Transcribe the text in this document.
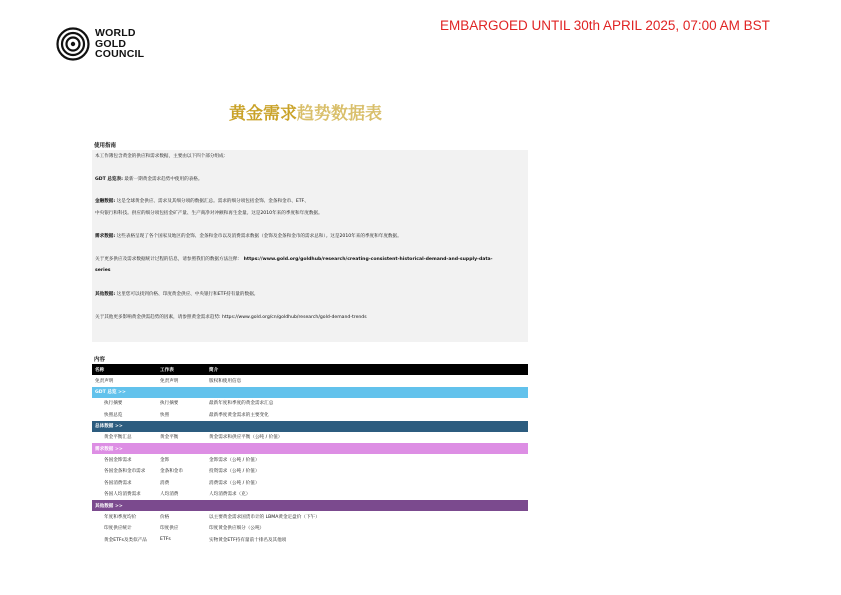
WORLD
GOLD
COUNCIL
EMBARGOED UNTIL 30th APRIL 2025, 07:00 AM BST
黄金需求趋势数据表
使用指南
本工作簿包含黄金的供应和需求数据，主要由以下四个部分组成：
GDT 总览表: 最新一期黄金需求趋势中使用的表格。
金融数据: 这是全球黄金供应、需求及其细分项的数据汇总。需求的细分项包括金饰、金条和金币、ETF、
中央银行和科技。供应的细分项包括金矿产量、生产商净对冲额和再生金量。这是2010年来的季度和年度数据。
需求数据: 这些表格呈现了各个国家及地区的金饰、金条和金币以及消费需求数据（金饰及金条和金币的需求总和）。这是2010年来的季度和年度数据。
关于更多供应及需求数据统计过程的信息，请参照我们的数据方法注释： https://www.gold.org/goldhub/research/creating-consistent-historical-demand-and-supply-data-
series
其他数据: 这里您可以找到价格、印度黄金供应、中央银行和ETF持有量的数据。
关于其他更多影响黄金供需趋势的因素，请参照黄金需求趋势: https://www.gold.org/cn/goldhub/research/gold-demand-trends
内容
名称	工作表	简介
免责声明	免责声明	版权和使用信息
GDT 总览 >>
执行摘要	执行摘要	最新年度和季度的黄金需求汇总
快照总览	快照	最新季度黄金需求的主要变化
总体数据 >>
黄金平衡汇总	黄金平衡	黄金需求和供应平衡（公吨 / 价值）
需求数据 >>
各国金饰需求	金饰	金饰需求（公吨 / 价值）
各国金条和金币需求	金条和金币	投资需求（公吨 / 价值）
各国消费需求	消费	消费需求（公吨 / 价值）
各国人均消费需求	人均消费	人均消费需求（克）
其他数据 >>
年度和季度均价	价格	以主要黄金需求国货币计的 LBMA黄金定盘价（下午）
印度供应统计	印度供应	印度黄金供应细分（公吨）
黄金ETFs及类似产品	ETFs	实物黄金ETF持有量前十排名及其他项
